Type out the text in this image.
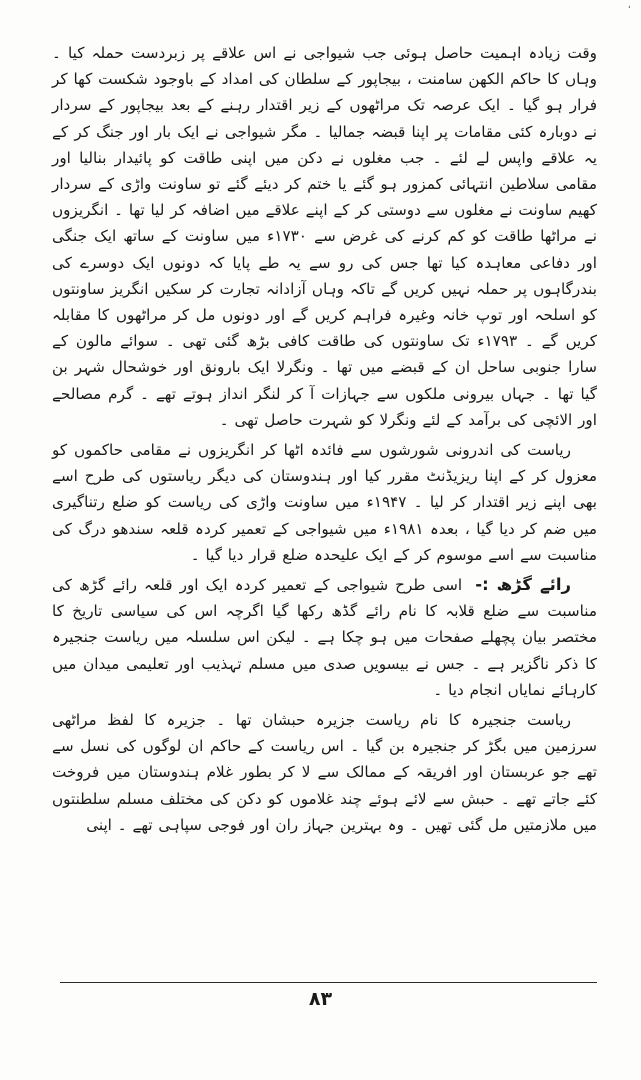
،

وقت زیادہ اہمیت حاصل ہوئی جب شیواجی نے اس علاقے پر زبردست حملہ کیا ۔ وہاں کا حاکم الکھن سامنت ، بیجاپور کے سلطان کی امداد کے باوجود شکست کھا کر فرار ہو گیا ۔ ایک عرصہ تک مراٹھوں کے زیر اقتدار رہنے کے بعد بیجاپور کے سردار نے دوبارہ کئی مقامات پر اپنا قبضہ جمالیا ۔ مگر شیواجی نے ایک بار اور جنگ کر کے یہ علاقے واپس لے لئے ۔ جب مغلوں نے دکن میں اپنی طاقت کو پائیدار بنالیا اور مقامی سلاطین انتہائی کمزور ہو گئے یا ختم کر دیئے گئے تو ساونت واڑی کے سردار کھیم ساونت نے مغلوں سے دوستی کر کے اپنے علاقے میں اضافہ کر لیا تھا ۔ انگریزوں نے مراٹھا طاقت کو کم کرنے کی غرض سے ۱۷۳۰ء میں ساونت کے ساتھ ایک جنگی اور دفاعی معاہدہ کیا تھا جس کی رو سے یہ طے پایا کہ دونوں ایک دوسرے کی بندرگاہوں پر حملہ نہیں کریں گے تاکہ وہاں آزادانہ تجارت کر سکیں انگریز ساونتوں کو اسلحہ اور توپ خانہ وغیرہ فراہم کریں گے اور دونوں مل کر مراٹھوں کا مقابلہ کریں گے ۔ ۱۷۹۳ء تک ساونتوں کی طاقت کافی بڑھ گئی تھی ۔ سوائے مالون کے سارا جنوبی ساحل ان کے قبضے میں تھا ۔ ونگرلا ایک بارونق اور خوشحال شہر بن گیا تھا ۔ جہاں بیرونی ملکوں سے جہازات آ کر لنگر انداز ہوتے تھے ۔ گرم مصالحے اور الائچی کی برآمد کے لئے ونگرلا کو شہرت حاصل تھی ۔

ریاست کی اندرونی شورشوں سے فائدہ اٹھا کر انگریزوں نے مقامی حاکموں کو معزول کر کے اپنا ریزیڈنٹ مقرر کیا اور ہندوستان کی دیگر ریاستوں کی طرح اسے بھی اپنے زیر اقتدار کر لیا ۔ ۱۹۴۷ء میں ساونت واڑی کی ریاست کو ضلع رتناگیری میں ضم کر دیا گیا ، بعدہ ۱۹۸۱ء میں شیواجی کے تعمیر کردہ قلعہ سندھو درگ کی مناسبت سے اسے موسوم کر کے ایک علیحدہ ضلع قرار دیا گیا ۔

رائے گڑھ :- اسی طرح شیواجی کے تعمیر کردہ ایک اور قلعہ رائے گڑھ کی مناسبت سے ضلع قلابہ کا نام رائے گڈھ رکھا گیا اگرچہ اس کی سیاسی تاریخ کا مختصر بیان پچھلے صفحات میں ہو چکا ہے ۔ لیکن اس سلسلہ میں ریاست جنجیرہ کا ذکر ناگزیر ہے ۔ جس نے بیسویں صدی میں مسلم تہذیب اور تعلیمی میدان میں کارہائے نمایاں انجام دیا ۔

ریاست جنجیرہ کا نام ریاست جزیرہ حبشان تھا ۔ جزیرہ کا لفظ مراٹھی سرزمین میں بگڑ کر جنجیرہ بن گیا ۔ اس ریاست کے حاکم ان لوگوں کی نسل سے تھے جو عربستان اور افریقہ کے ممالک سے لا کر بطور غلام ہندوستان میں فروخت کئے جاتے تھے ۔ حبش سے لائے ہوئے چند غلاموں کو دکن کی مختلف مسلم سلطنتوں میں ملازمتیں مل گئی تھیں ۔ وہ بہترین جہاز ران اور فوجی سپاہی تھے ۔ اپنی

۸۳
